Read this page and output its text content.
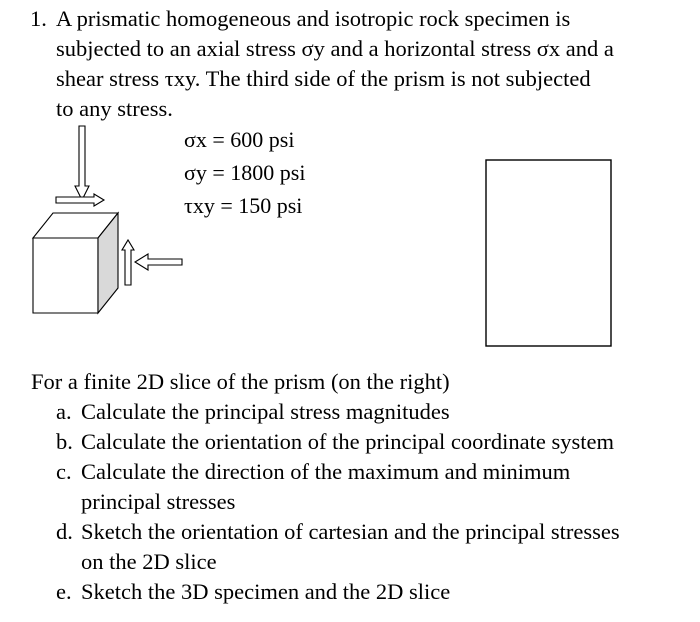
1. A prismatic homogeneous and isotropic rock specimen is
subjected to an axial stress σy and a horizontal stress σx and a
shear stress τxy. The third side of the prism is not subjected
to any stress.
σx = 600 psi
σy = 1800 psi
τxy = 150 psi
For a finite 2D slice of the prism (on the right)
a. Calculate the principal stress magnitudes
b. Calculate the orientation of the principal coordinate system
c. Calculate the direction of the maximum and minimum
principal stresses
d. Sketch the orientation of cartesian and the principal stresses
on the 2D slice
e. Sketch the 3D specimen and the 2D slice
